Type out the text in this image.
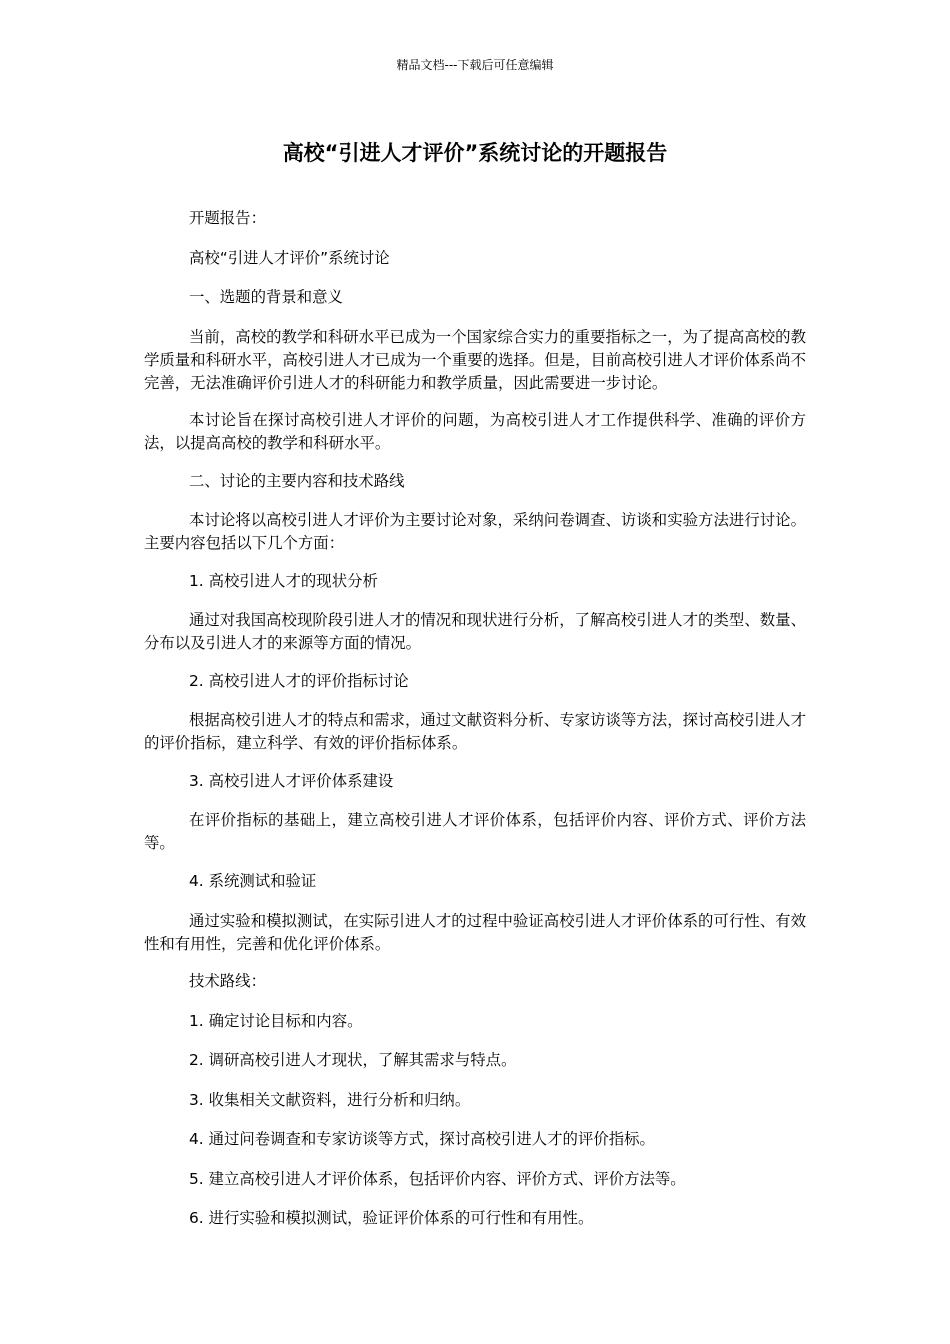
精品文档---下载后可任意编辑
高校“引进人才评价”系统讨论的开题报告

开题报告：

高校“引进人才评价”系统讨论

一、选题的背景和意义

当前，高校的教学和科研水平已成为一个国家综合实力的重要指标之一，为了提高高校的教学质量和科研水平，高校引进人才已成为一个重要的选择。但是，目前高校引进人才评价体系尚不完善，无法准确评价引进人才的科研能力和教学质量，因此需要进一步讨论。

本讨论旨在探讨高校引进人才评价的问题，为高校引进人才工作提供科学、准确的评价方法，以提高高校的教学和科研水平。

二、讨论的主要内容和技术路线

本讨论将以高校引进人才评价为主要讨论对象，采纳问卷调查、访谈和实验方法进行讨论。主要内容包括以下几个方面：

1. 高校引进人才的现状分析

通过对我国高校现阶段引进人才的情况和现状进行分析，了解高校引进人才的类型、数量、分布以及引进人才的来源等方面的情况。

2. 高校引进人才的评价指标讨论

根据高校引进人才的特点和需求，通过文献资料分析、专家访谈等方法，探讨高校引进人才的评价指标，建立科学、有效的评价指标体系。

3. 高校引进人才评价体系建设

在评价指标的基础上，建立高校引进人才评价体系，包括评价内容、评价方式、评价方法等。

4. 系统测试和验证

通过实验和模拟测试，在实际引进人才的过程中验证高校引进人才评价体系的可行性、有效性和有用性，完善和优化评价体系。

技术路线：

1. 确定讨论目标和内容。

2. 调研高校引进人才现状，了解其需求与特点。

3. 收集相关文献资料，进行分析和归纳。

4. 通过问卷调查和专家访谈等方式，探讨高校引进人才的评价指标。

5. 建立高校引进人才评价体系，包括评价内容、评价方式、评价方法等。

6. 进行实验和模拟测试，验证评价体系的可行性和有用性。
